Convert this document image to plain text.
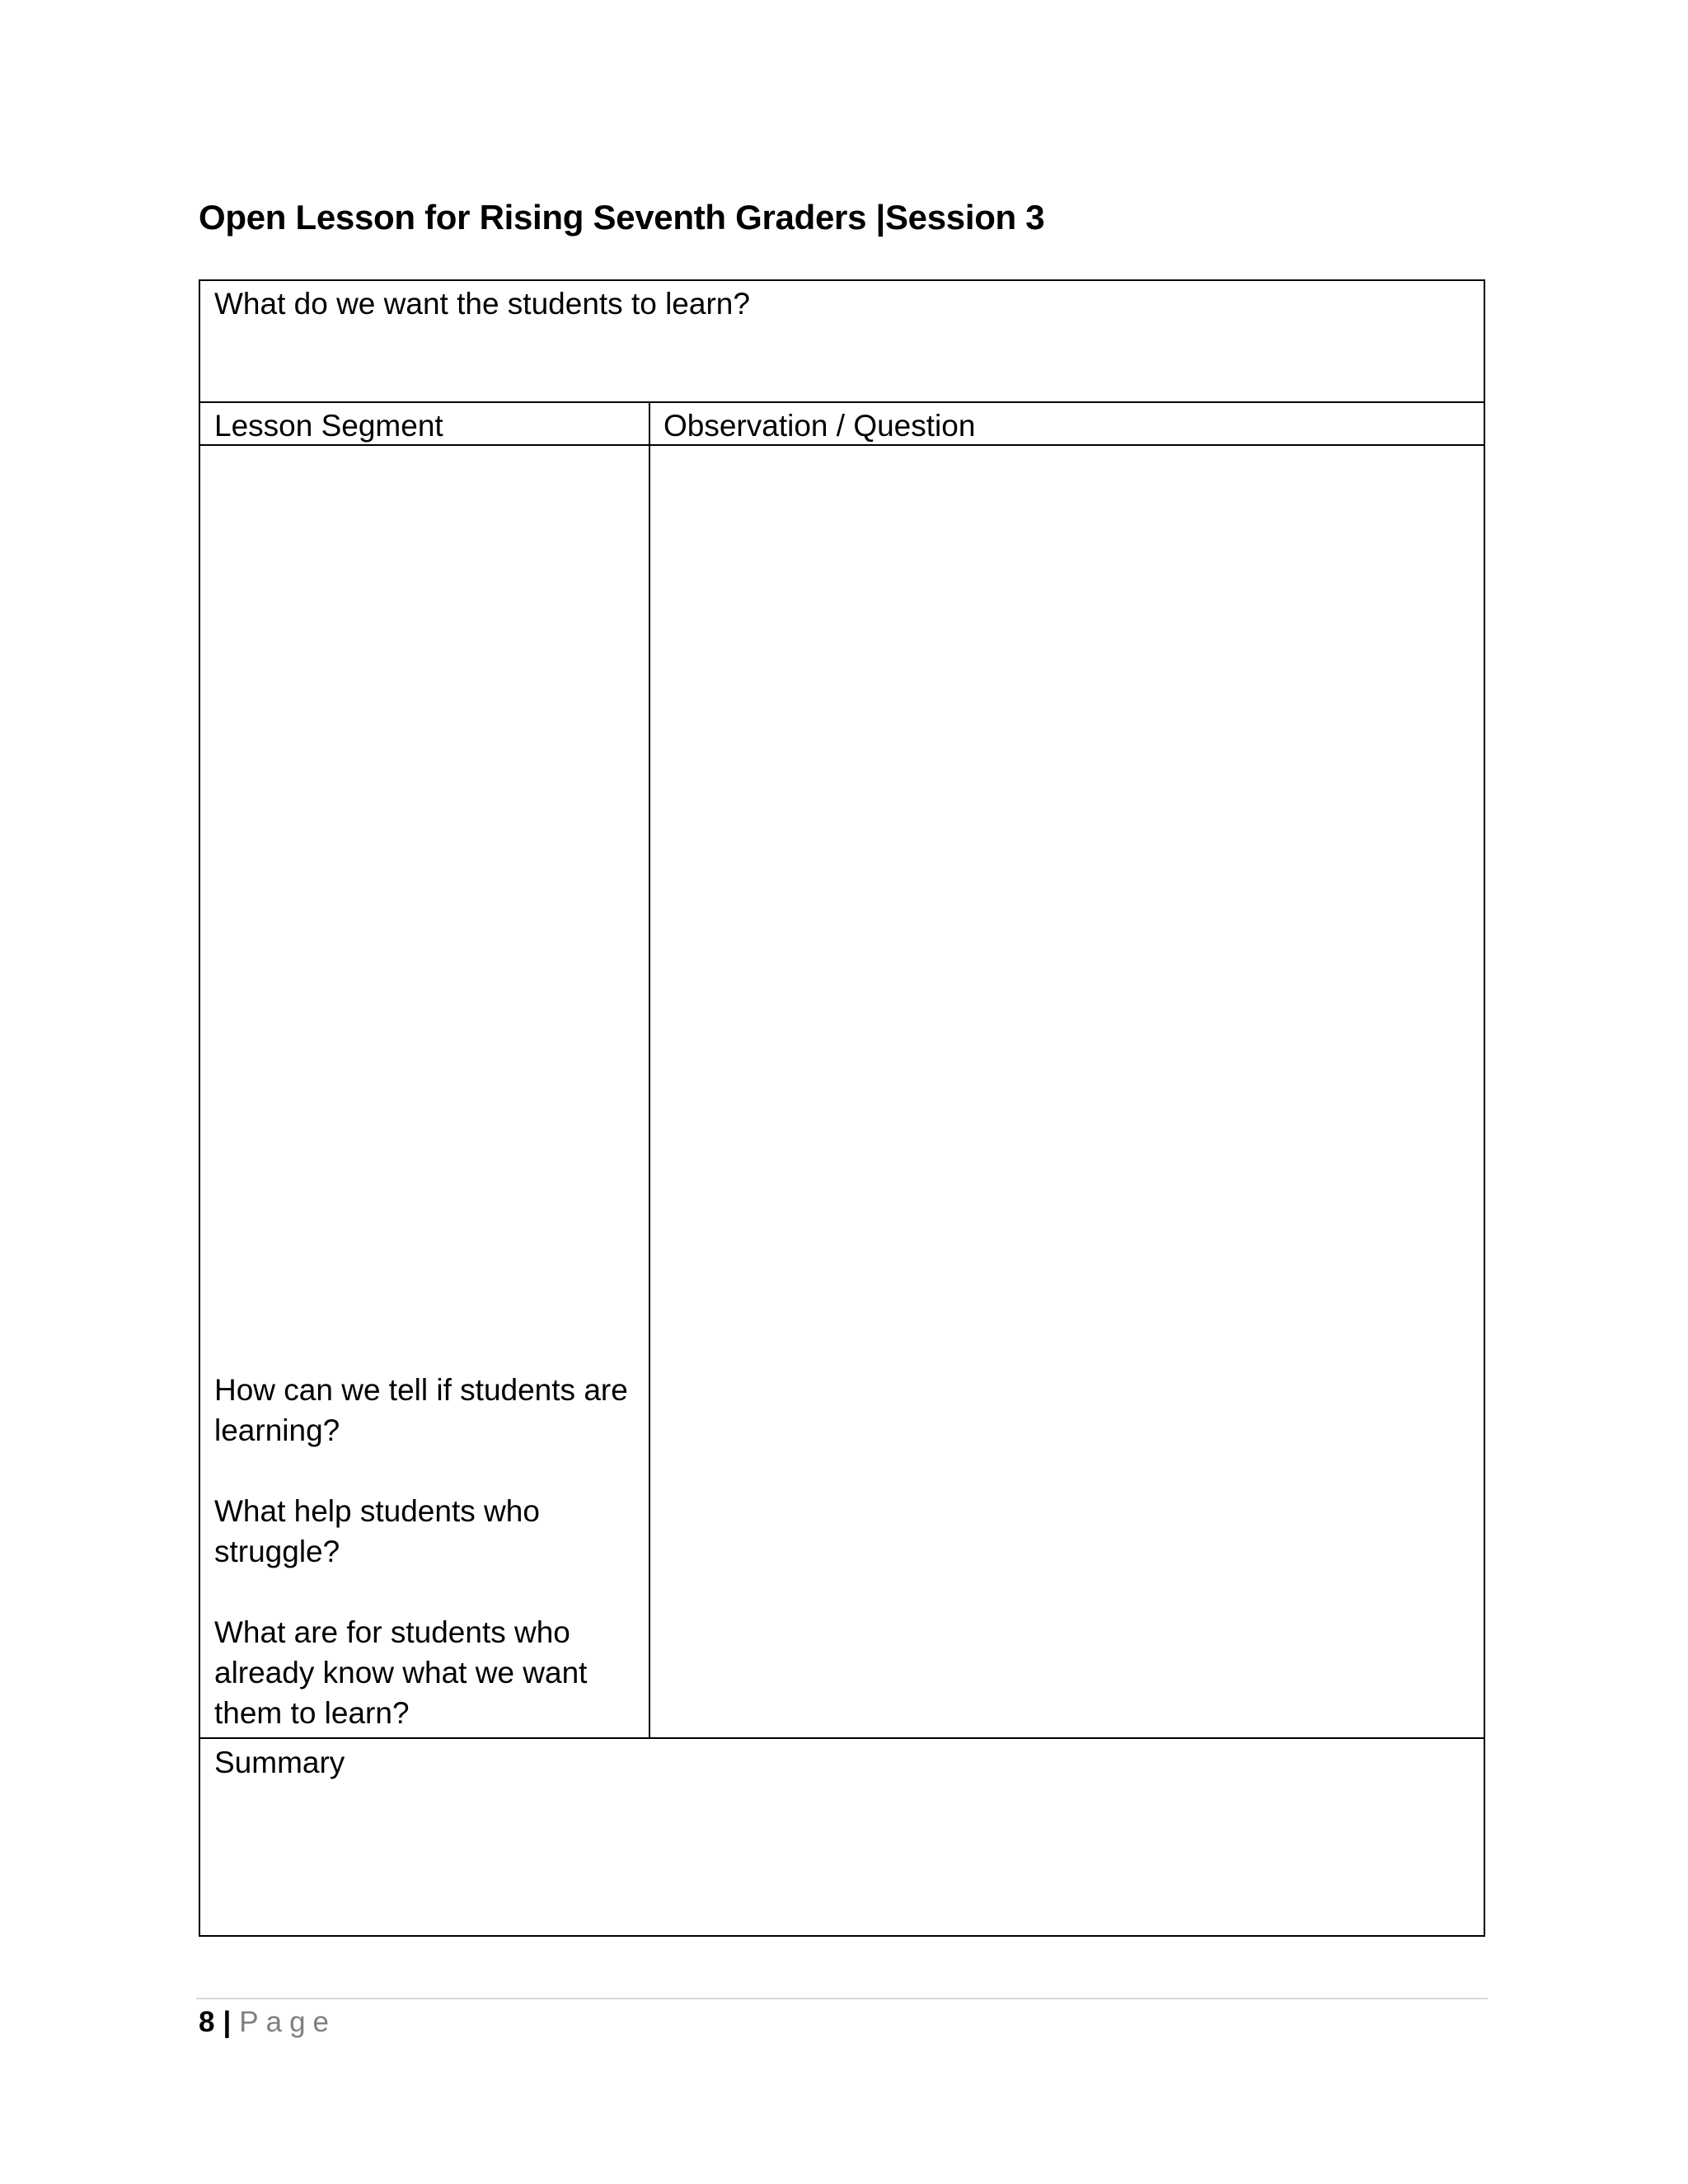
Open Lesson for Rising Seventh Graders |Session 3
What do we want the students to learn?
Lesson Segment	Observation / Question
How can we tell if students are learning?
What help students who struggle?
What are for students who already know what we want them to learn?
Summary
8 | Page
